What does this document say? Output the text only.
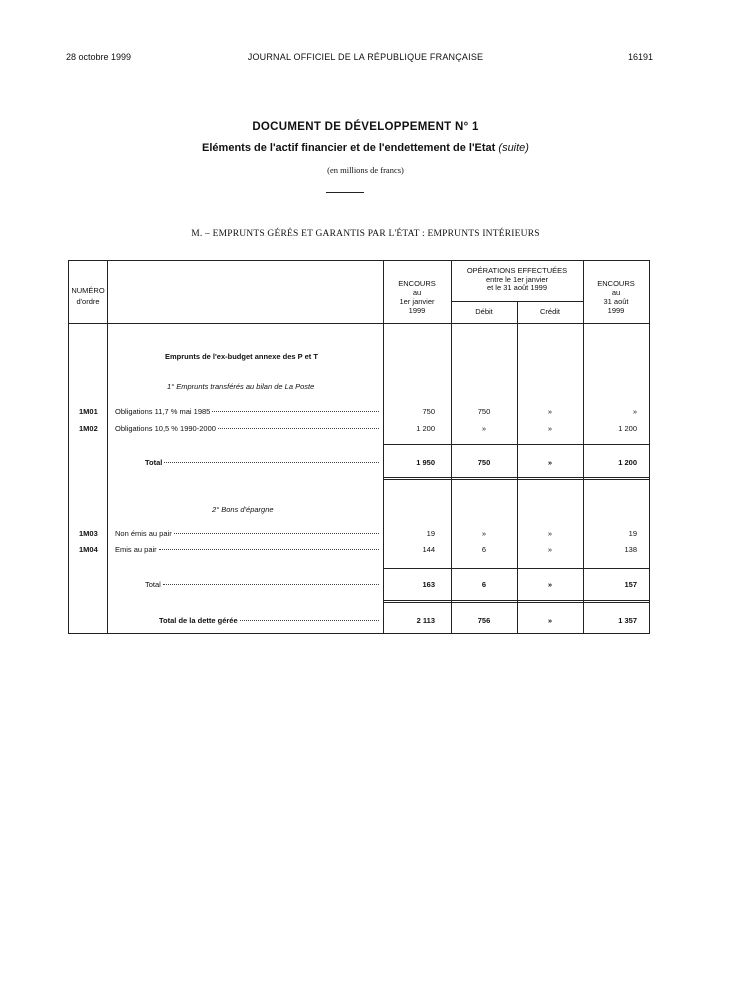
28 octobre 1999	JOURNAL OFFICIEL DE LA RÉPUBLIQUE FRANÇAISE	16191
DOCUMENT DE DÉVELOPPEMENT N° 1
Eléments de l'actif financier et de l'endettement de l'Etat (suite)
(en millions de francs)
M. – EMPRUNTS GÉRÉS ET GARANTIS PAR L'ÉTAT : EMPRUNTS INTÉRIEURS
NUMÉRO
d'ordre
ENCOURS
au
1er janvier
1999
OPÉRATIONS EFFECTUÉES
entre le 1er janvier
et le 31 août 1999
Débit	Crédit
ENCOURS
au
31 août
1999
Emprunts de l'ex-budget annexe des P et T
1° Emprunts transférés au bilan de La Poste
2° Bons d'épargne
1M01 Obligations 11,7 % mai 1985	750	750	»	»
1M02 Obligations 10,5 % 1990-2000	1 200	»	»	1 200
Total	1 950	750	»	1 200
1M03 Non émis au pair	19	»	»	19
1M04 Emis au pair	144	6	»	138
Total	163	6	»	157
Total de la dette gérée	2 113	756	»	1 357
